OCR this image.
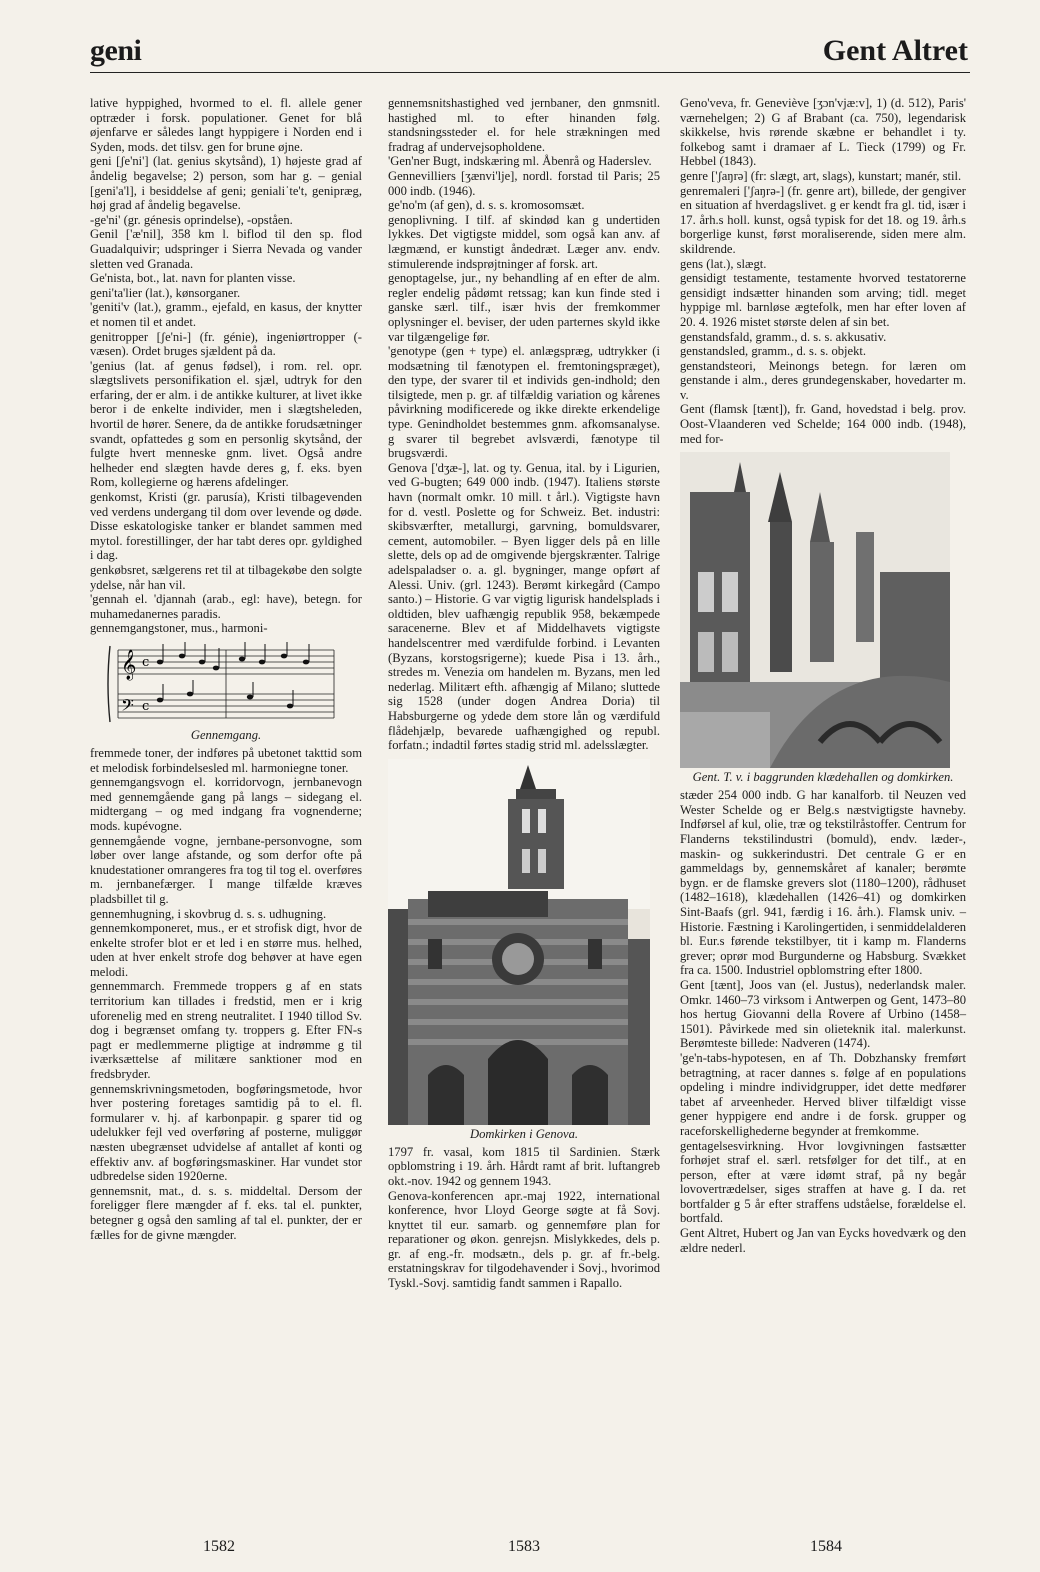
geni	Gent Altret
lative hyppighed, hvormed to el. fl. allele gener optræder i forsk. populationer. Genet for blå øjenfarve er således langt hyppigere i Norden end i Syden, mods. det tilsv. gen for brune øjne.
geni [ʃe'ni'] (lat. genius skytsånd), 1) højeste grad af åndelig begavelse; 2) person, som har g. – genial [geni'a'l], i besiddelse af geni; genialiˈte't, genipræg, høj grad af åndelig begavelse.
-ge'ni' (gr. génesis oprindelse), -opståen.
Genil ['æ'nil], 358 km l. biflod til den sp. flod Guadalquivir; udspringer i Sierra Nevada og vander sletten ved Granada.
Ge'nista, bot., lat. navn for planten visse.
geni'ta'lier (lat.), kønsorganer.
'geniti'v (lat.), gramm., ejefald, en kasus, der knytter et nomen til et andet.
genitropper [ʃe'ni-] (fr. génie), ingeniørtropper (-væsen). Ordet bruges sjældent på da.
'genius (lat. af genus fødsel), i rom. rel. opr. slægtslivets personifikation el. sjæl, udtryk for den erfaring, der er alm. i de antikke kulturer, at livet ikke beror i de enkelte individer, men i slægtsheleden, hvortil de hører. Senere, da de antikke forudsætninger svandt, opfattedes g som en personlig skytsånd, der fulgte hvert menneske gnm. livet. Også andre helheder end slægten havde deres g, f. eks. byen Rom, kollegierne og hærens afdelinger.
genkomst, Kristi (gr. parusía), Kristi tilbagevenden ved verdens undergang til dom over levende og døde. Disse eskatologiske tanker er blandet sammen med mytol. forestillinger, der har tabt deres opr. gyldighed i dag.
genkøbsret, sælgerens ret til at tilbagekøbe den solgte ydelse, når han vil.
'gennah el. 'djannah (arab., egl: have), betegn. for muhamedanernes paradis.
gennemgangstoner, mus., harmoni-
𝄞
𝄢
c
c
Gennemgang.
fremmede toner, der indføres på ubetonet takttid som et melodisk forbindelsesled ml. harmoniegne toner.
gennemgangsvogn el. korridorvogn, jernbanevogn med gennemgående gang på langs – sidegang el. midtergang – og med indgang fra vognenderne; mods. kupévogne.
gennemgående vogne, jernbane-personvogne, som løber over lange afstande, og som derfor ofte på knudestationer omrangeres fra tog til tog el. overføres m. jernbanefærger. I mange tilfælde kræves pladsbillet til g.
gennemhugning, i skovbrug d. s. s. udhugning.
gennemkomponeret, mus., er et strofisk digt, hvor de enkelte strofer blot er et led i en større mus. helhed, uden at hver enkelt strofe dog behøver at have egen melodi.
gennemmarch. Fremmede troppers g af en stats territorium kan tillades i fredstid, men er i krig uforenelig med en streng neutralitet. I 1940 tillod Sv. dog i begrænset omfang ty. troppers g. Efter FN-s pagt er medlemmerne pligtige at indrømme g til iværksættelse af militære sanktioner mod en fredsbryder.
gennemskrivningsmetoden, bogføringsmetode, hvor hver postering foretages samtidig på to el. fl. formularer v. hj. af karbonpapir. g sparer tid og udelukker fejl ved overføring af posterne, muliggør næsten ubegrænset udvidelse af antallet af konti og effektiv anv. af bogføringsmaskiner. Har vundet stor udbredelse siden 1920erne.
gennemsnit, mat., d. s. s. middeltal. Dersom der foreligger flere mængder af f. eks. tal el. punkter, betegner g også den samling af tal el. punkter, der er fælles for de givne mængder.
gennemsnitshastighed ved jernbaner, den gnmsnitl. hastighed ml. to efter hinanden følg. standsningssteder el. for hele strækningen med fradrag af undervejsopholdene.
'Gen'ner Bugt, indskæring ml. Åbenrå og Haderslev.
Gennevilliers [ʒænvi'lje], nordl. forstad til Paris; 25 000 indb. (1946).
ge'no'm (af gen), d. s. s. kromosomsæt.
genoplivning. I tilf. af skindød kan g undertiden lykkes. Det vigtigste middel, som også kan anv. af lægmænd, er kunstigt åndedræt. Læger anv. endv. stimulerende indsprøjtninger af forsk. art.
genoptagelse, jur., ny behandling af en efter de alm. regler endelig pådømt retssag; kan kun finde sted i ganske særl. tilf., især hvis der fremkommer oplysninger el. beviser, der uden parternes skyld ikke var tilgængelige før.
'genotype (gen + type) el. anlægspræg, udtrykker (i modsætning til fænotypen el. fremtoningspræget), den type, der svarer til et individs gen-indhold; den tilsigtede, men p. gr. af tilfældig variation og kårenes påvirkning modificerede og ikke direkte erkendelige type. Genindholdet bestemmes gnm. afkomsanalyse. g svarer til begrebet avlsværdi, fænotype til brugsværdi.
Genova ['dʒæ-], lat. og ty. Genua, ital. by i Ligurien, ved G-bugten; 649 000 indb. (1947). Italiens største havn (normalt omkr. 10 mill. t årl.). Vigtigste havn for d. vestl. Poslette og for Schweiz. Bet. industri: skibsværfter, metallurgi, garvning, bomuldsvarer, cement, automobiler. – Byen ligger dels på en lille slette, dels op ad de omgivende bjergskrænter. Talrige adelspaladser o. a. gl. bygninger, mange opført af Alessi. Univ. (grl. 1243). Berømt kirkegård (Campo santo.) – Historie. G var vigtig ligurisk handelsplads i oldtiden, blev uafhængig republik 958, bekæmpede saracenerne. Blev et af Middelhavets vigtigste handelscentrer med værdifulde forbind. i Levanten (Byzans, korstogsrigerne); kuede Pisa i 13. årh., stredes m. Venezia om handelen m. Byzans, men led nederlag. Militært efth. afhængig af Milano; sluttede sig 1528 (under dogen Andrea Doria) til Habsburgerne og ydede dem store lån og værdifuld flådehjælp, bevarede uafhængighed og republ. forfatn.; indadtil førtes stadig strid ml. adelsslægter.
Domkirken i Genova.
1797 fr. vasal, kom 1815 til Sardinien. Stærk opblomstring i 19. årh. Hårdt ramt af brit. luftangreb okt.-nov. 1942 og gennem 1943.
Genova-konferencen apr.-maj 1922, international konference, hvor Lloyd George søgte at få Sovj. knyttet til eur. samarb. og gennemføre plan for reparationer og økon. genrejsn. Mislykkedes, dels p. gr. af eng.-fr. modsætn., dels p. gr. af fr.-belg. erstatningskrav for tilgodehavender i Sovj., hvorimod Tyskl.-Sovj. samtidig fandt sammen i Rapallo.
Geno'veva, fr. Geneviève [ʒɔn'vjæ:v], 1) (d. 512), Paris' værnehelgen; 2) G af Brabant (ca. 750), legendarisk skikkelse, hvis rørende skæbne er behandlet i ty. folkebog samt i dramaer af L. Tieck (1799) og Fr. Hebbel (1843).
genre ['ʃaŋrə] (fr: slægt, art, slags), kunstart; manér, stil.
genremaleri ['ʃaŋrə-] (fr. genre art), billede, der gengiver en situation af hverdagslivet. g er kendt fra gl. tid, især i 17. årh.s holl. kunst, også typisk for det 18. og 19. årh.s borgerlige kunst, først moraliserende, siden mere alm. skildrende.
gens (lat.), slægt.
gensidigt testamente, testamente hvorved testatorerne gensidigt indsætter hinanden som arving; tidl. meget hyppige ml. barnløse ægtefolk, men har efter loven af 20. 4. 1926 mistet største delen af sin bet.
genstandsfald, gramm., d. s. s. akkusativ.
genstandsled, gramm., d. s. s. objekt.
genstandsteori, Meinongs betegn. for læren om genstande i alm., deres grundegenskaber, hovedarter m. v.
Gent (flamsk [tænt]), fr. Gand, hovedstad i belg. prov. Oost-Vlaanderen ved Schelde; 164 000 indb. (1948), med for-
Gent. T. v. i baggrunden klædehallen og domkirken.
stæder 254 000 indb. G har kanalforb. til Neuzen ved Wester Schelde og er Belg.s næstvigtigste havneby. Indførsel af kul, olie, træ og tekstilråstoffer. Centrum for Flanderns tekstilindustri (bomuld), endv. læder-, maskin- og sukkerindustri. Det centrale G er en gammeldags by, gennemskåret af kanaler; berømte bygn. er de flamske grevers slot (1180–1200), rådhuset (1482–1618), klædehallen (1426–41) og domkirken Sint-Baafs (grl. 941, færdig i 16. årh.). Flamsk univ. – Historie. Fæstning i Karolingertiden, i senmiddelalderen bl. Eur.s førende tekstilbyer, tit i kamp m. Flanderns grever; oprør mod Burgunderne og Habsburg. Svækket fra ca. 1500. Industriel opblomstring efter 1800.
Gent [tænt], Joos van (el. Justus), nederlandsk maler. Omkr. 1460–73 virksom i Antwerpen og Gent, 1473–80 hos hertug Giovanni della Rovere af Urbino (1458–1501). Påvirkede med sin olieteknik ital. malerkunst. Berømteste billede: Nadveren (1474).
'ge'n-tabs-hypotesen, en af Th. Dobzhansky fremført betragtning, at racer dannes s. følge af en populations opdeling i mindre individgrupper, idet dette medfører tabet af arveenheder. Herved bliver tilfældigt visse gener hyppigere end andre i de forsk. grupper og raceforskellighederne begynder at fremkomme.
gentagelsesvirkning. Hvor lovgivningen fastsætter forhøjet straf el. særl. retsfølger for det tilf., at en person, efter at være idømt straf, på ny begår lovovertrædelser, siges straffen at have g. I da. ret bortfalder g 5 år efter straffens udståelse, forældelse el. bortfald.
Gent Altret, Hubert og Jan van Eycks hovedværk og den ældre nederl.
1582	1583	1584
